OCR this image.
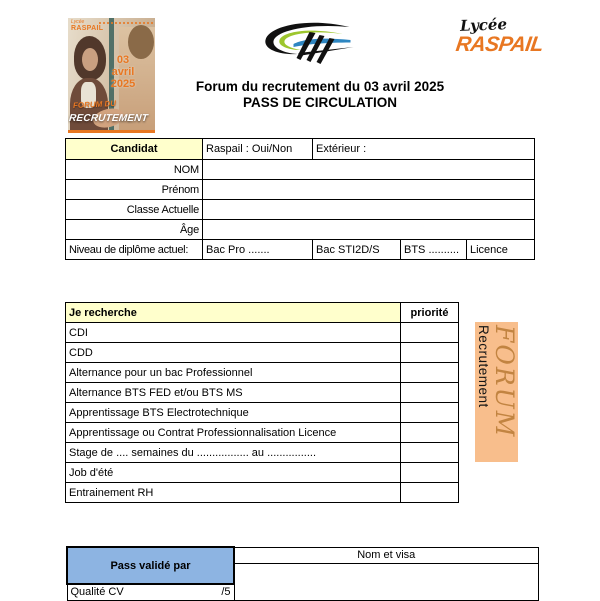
Lycée
RASPAIL
03
avril
2025
FORUM DU
RECRUTEMENT
Lycée
RASPAIL
Forum du recrutement du 03 avril 2025
PASS DE CIRCULATION
Candidat	Raspail : Oui/Non	Extérieur :		
NOM				
Prénom				
Classe Actuelle				
Âge				
Niveau de diplôme actuel:	Bac Pro .......	Bac STI2D/S	BTS ..........	Licence
Je recherche	priorité
CDI	
CDD	
Alternance pour un bac Professionnel	
Alternance BTS FED et/ou BTS MS	
Apprentissage BTS Electrotechnique	
Apprentissage ou Contrat Professionnalisation Licence	
Stage de .... semaines du ................. au ................	
Job d'été	
Entrainement RH	
Recrutement FORUM
Pass validé par	Nom et visa

Qualité CV	/5
